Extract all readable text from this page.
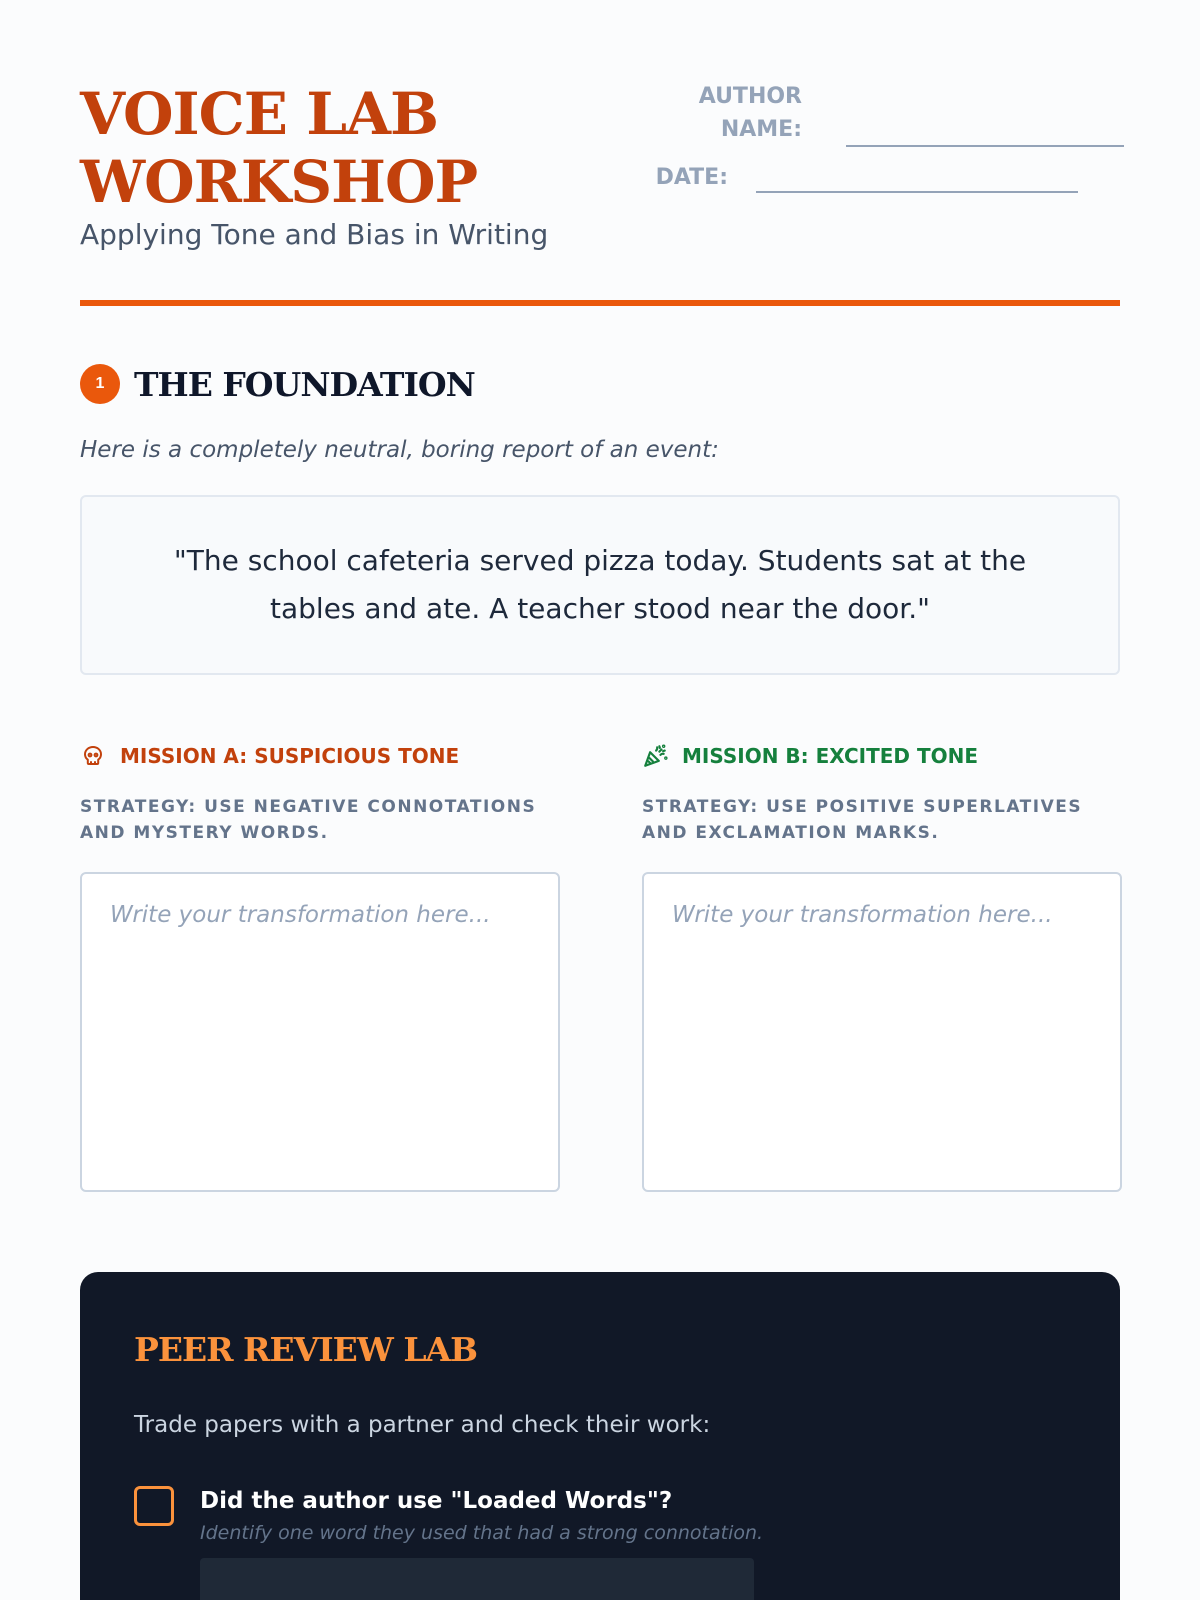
VOICE LAB
WORKSHOP
Applying Tone and Bias in Writing
AUTHOR
NAME:
DATE:
1 THE FOUNDATION
Here is a completely neutral, boring report of an event:
"The school cafeteria served pizza today. Students sat at the tables and ate. A teacher stood near the door."
MISSION A: SUSPICIOUS TONE
STRATEGY: USE NEGATIVE CONNOTATIONS AND MYSTERY WORDS.
Write your transformation here...
MISSION B: EXCITED TONE
STRATEGY: USE POSITIVE SUPERLATIVES AND EXCLAMATION MARKS.
Write your transformation here...
PEER REVIEW LAB
Trade papers with a partner and check their work:
Did the author use "Loaded Words"?
Identify one word they used that had a strong connotation.
